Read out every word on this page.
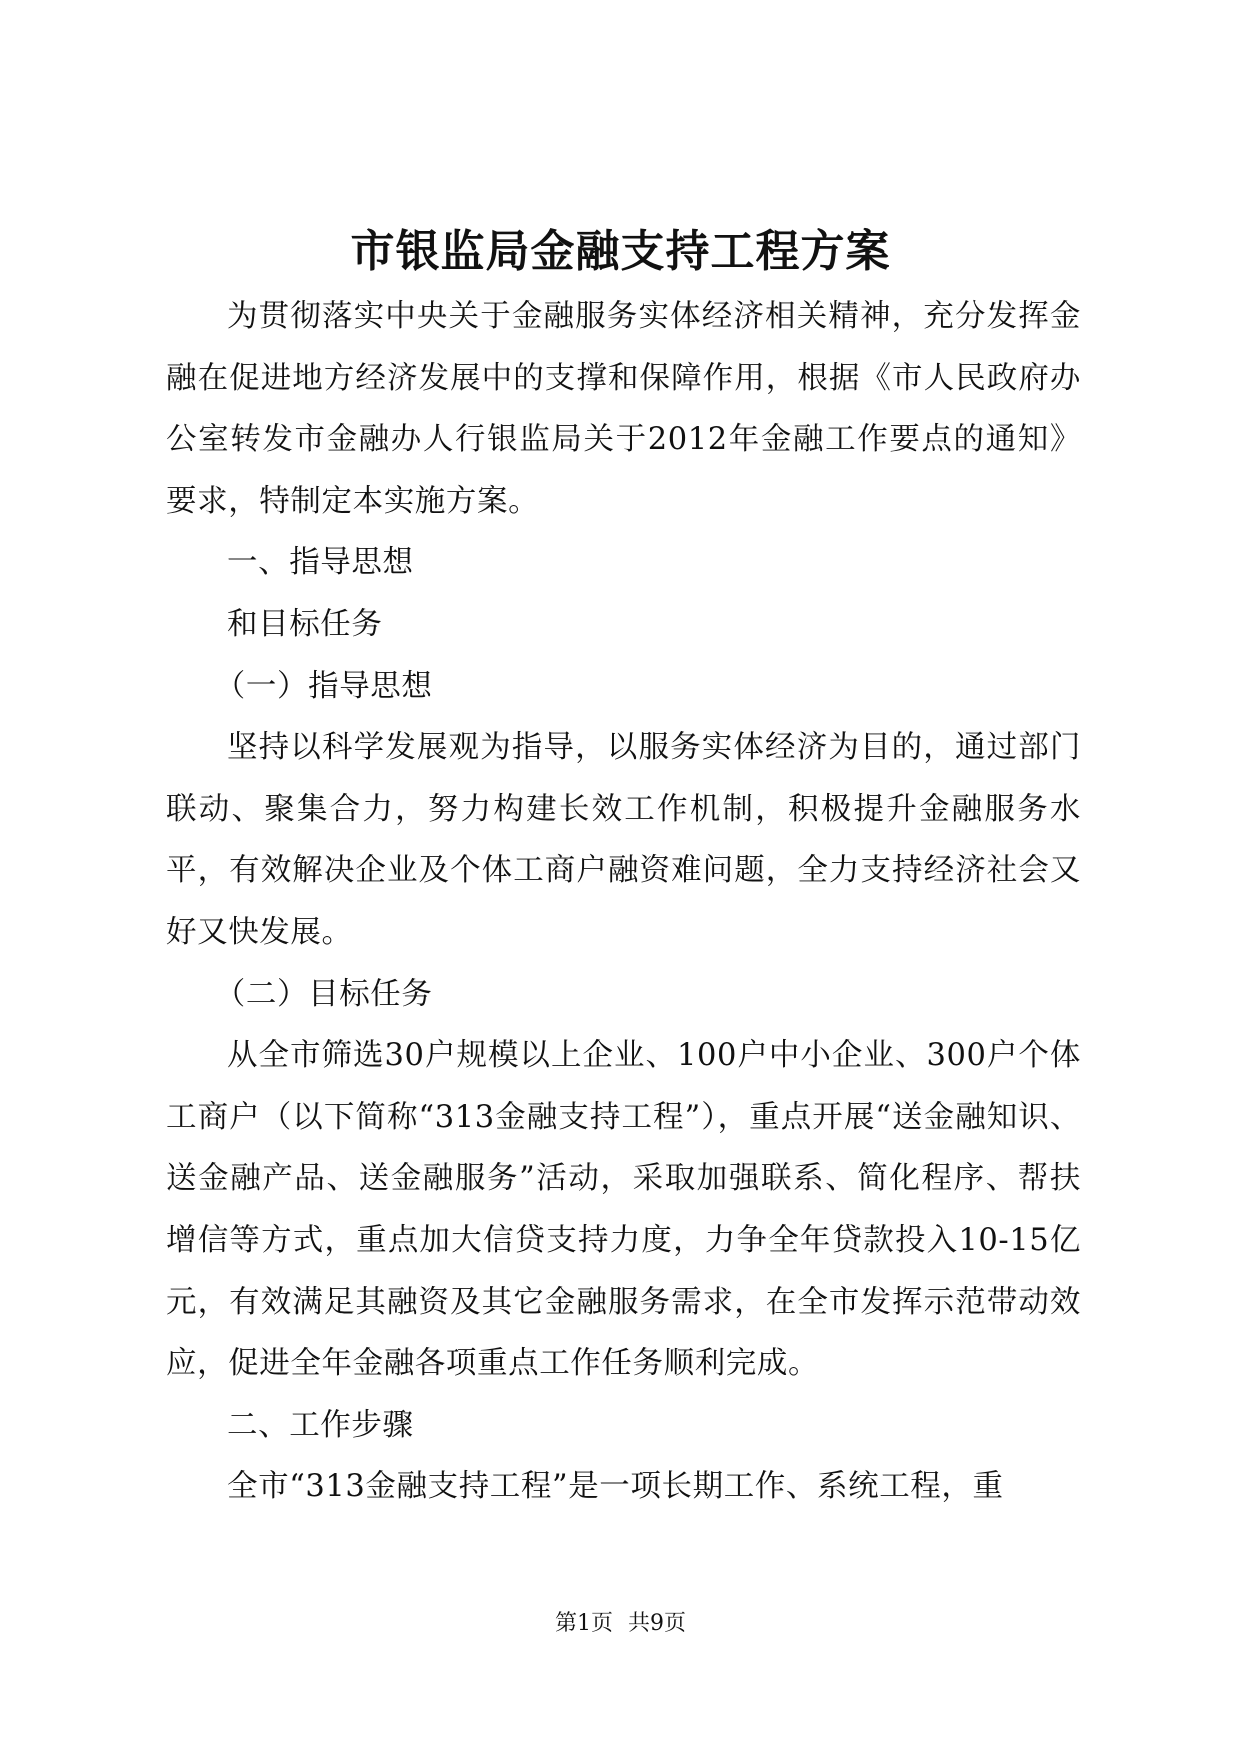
市银监局金融支持工程方案

为贯彻落实中央关于金融服务实体经济相关精神，充分发挥金融在促进地方经济发展中的支撑和保障作用，根据《市人民政府办公室转发市金融办人行银监局关于2012年金融工作要点的通知》要求，特制定本实施方案。

一、指导思想

和目标任务

（一）指导思想

坚持以科学发展观为指导，以服务实体经济为目的，通过部门联动、聚集合力，努力构建长效工作机制，积极提升金融服务水平，有效解决企业及个体工商户融资难问题，全力支持经济社会又好又快发展。

（二）目标任务

从全市筛选30户规模以上企业、100户中小企业、300户个体工商户（以下简称“313金融支持工程”），重点开展“送金融知识、送金融产品、送金融服务”活动，采取加强联系、简化程序、帮扶增信等方式，重点加大信贷支持力度，力争全年贷款投入10-15亿元，有效满足其融资及其它金融服务需求，在全市发挥示范带动效应，促进全年金融各项重点工作任务顺利完成。

二、工作步骤

全市“313金融支持工程”是一项长期工作、系统工程，重

第1页 共9页
